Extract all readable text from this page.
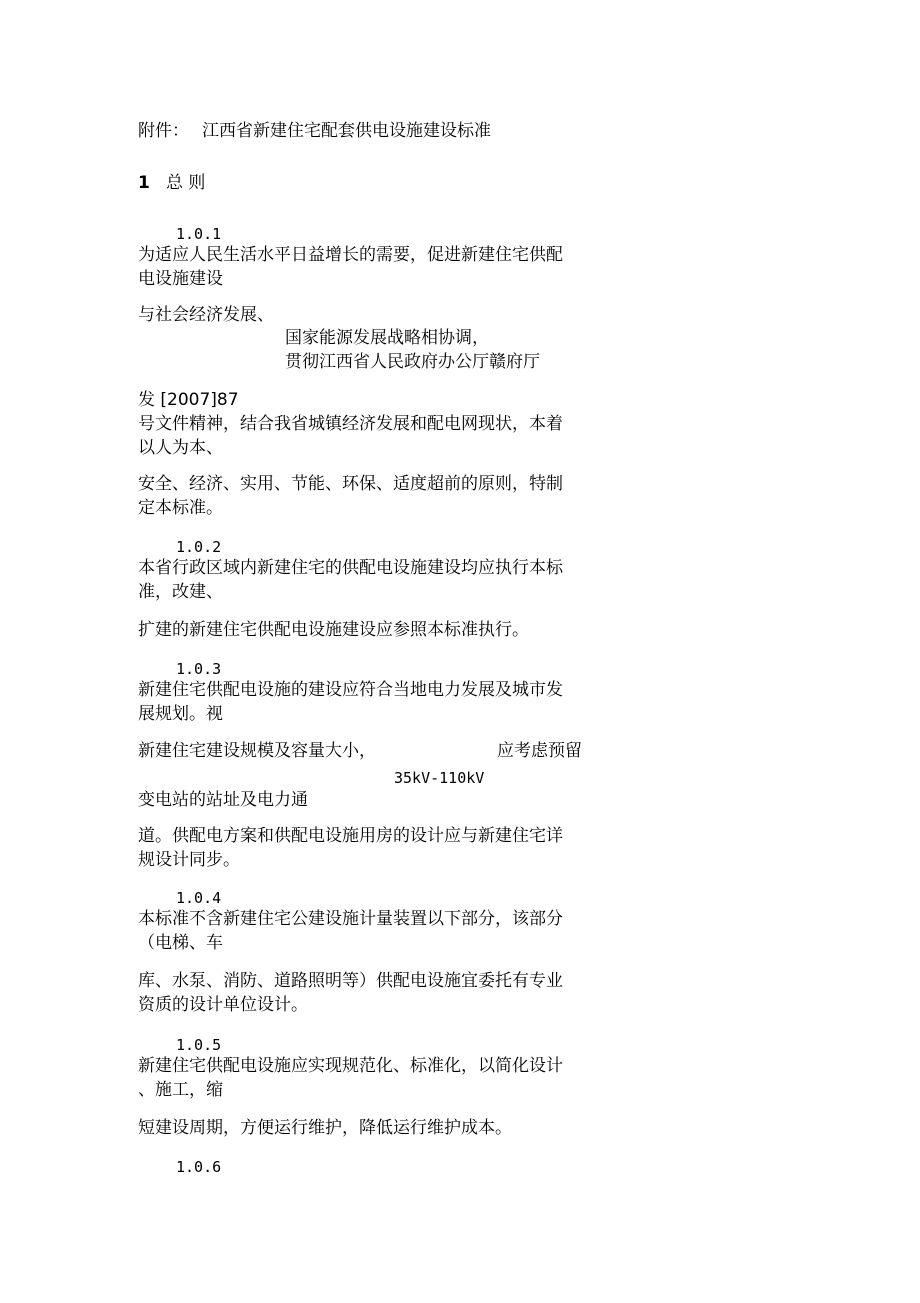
附件： 江西省新建住宅配套供电设施建设标准
1 总 则
1.0.1
为适应人民生活水平日益增长的需要，促进新建住宅供配
电设施建设
与社会经济发展、
国家能源发展战略相协调，
贯彻江西省人民政府办公厅赣府厅
发 [2007]87
号文件精神，结合我省城镇经济发展和配电网现状，本着
以人为本、
安全、经济、实用、节能、环保、适度超前的原则，特制
定本标准。
1.0.2
本省行政区域内新建住宅的供配电设施建设均应执行本标
准，改建、
扩建的新建住宅供配电设施建设应参照本标准执行。
1.0.3
新建住宅供配电设施的建设应符合当地电力发展及城市发
展规划。视
新建住宅建设规模及容量大小，	应考虑预留
35kV-110kV
变电站的站址及电力通
道。供配电方案和供配电设施用房的设计应与新建住宅详
规设计同步。
1.0.4
本标准不含新建住宅公建设施计量装置以下部分，该部分
（电梯、车
库、水泵、消防、道路照明等）供配电设施宜委托有专业
资质的设计单位设计。
1.0.5
新建住宅供配电设施应实现规范化、标准化，以简化设计
、施工，缩
短建设周期，方便运行维护，降低运行维护成本。
1.0.6
